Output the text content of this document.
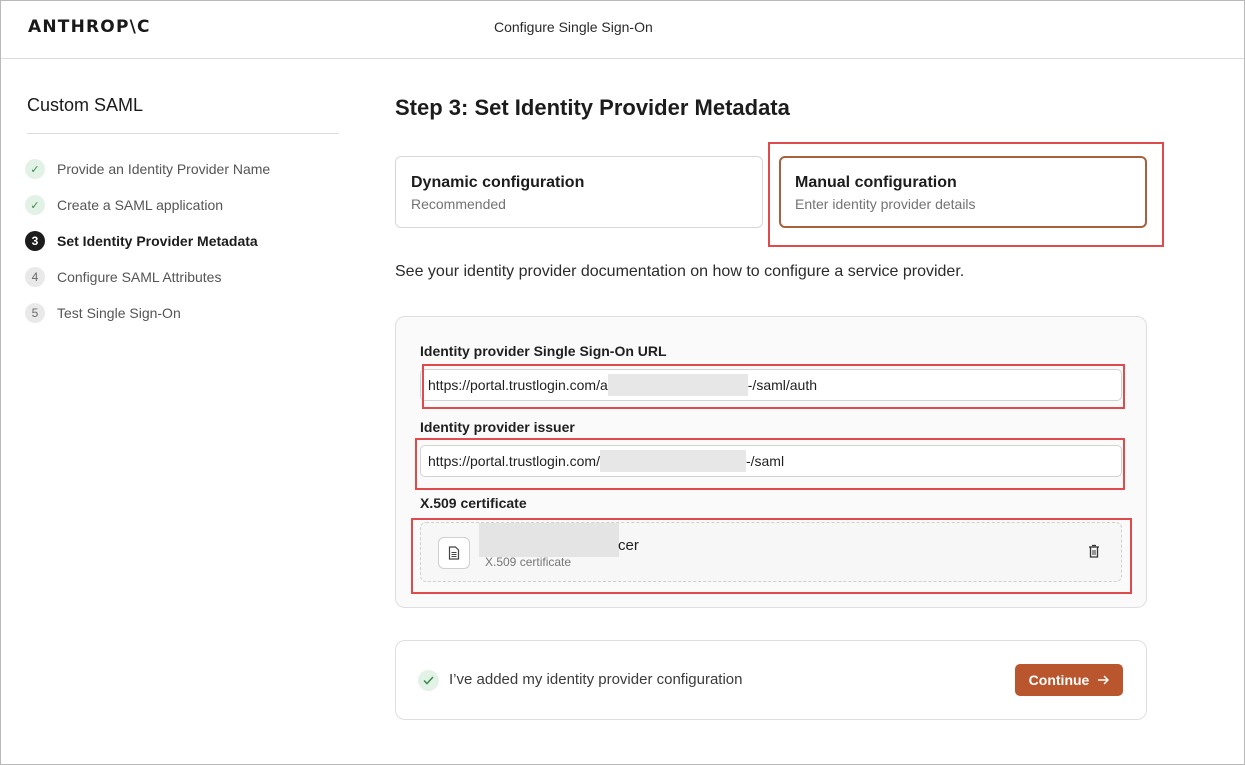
ANTHROP\C	Configure Single Sign-On
Custom SAML
✓	Provide an Identity Provider Name
✓	Create a SAML application
3	Set Identity Provider Metadata
4	Configure SAML Attributes
5	Test Single Sign-On
Step 3: Set Identity Provider Metadata
Dynamic configuration
Recommended
Manual configuration
Enter identity provider details
See your identity provider documentation on how to configure a service provider.
Identity provider Single Sign-On URL
https://portal.trustlogin.com/a	-/saml/auth
Identity provider issuer
https://portal.trustlogin.com/	-/saml
X.509 certificate
cer
X.509 certificate
I’ve added my identity provider configuration	Continue
